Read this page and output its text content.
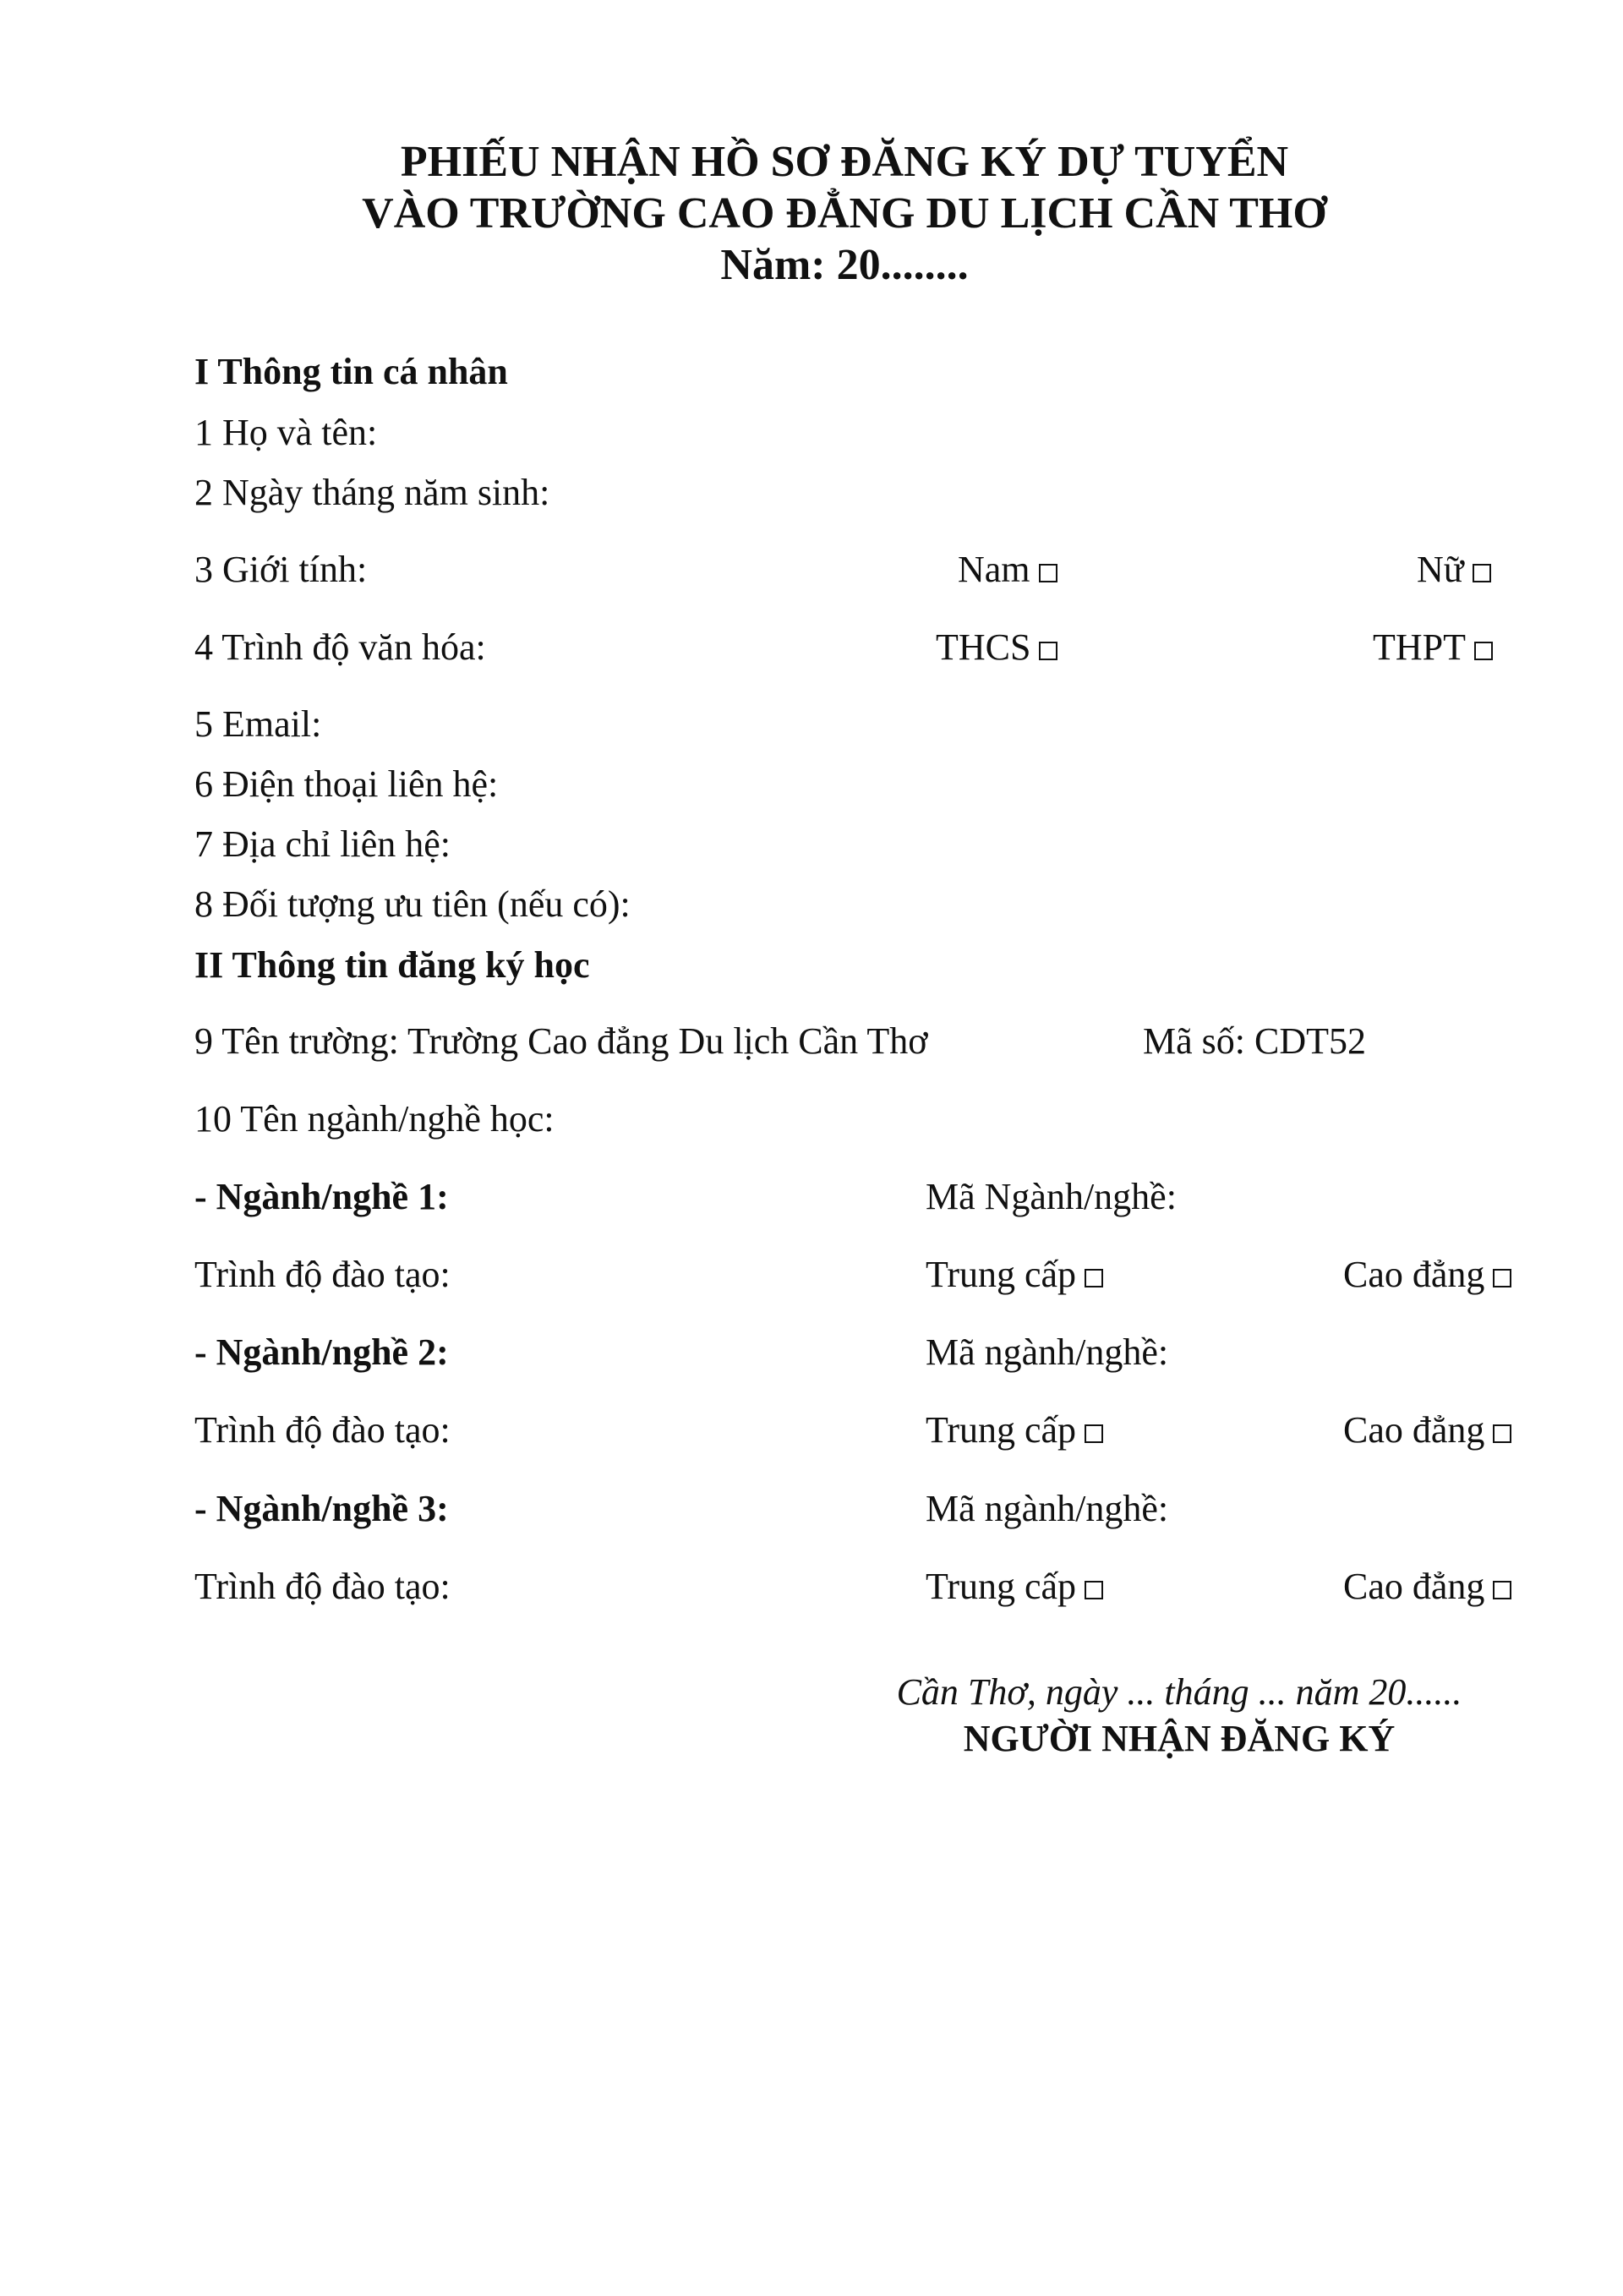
PHIẾU NHẬN HỒ SƠ ĐĂNG KÝ DỰ TUYỂN
VÀO TRƯỜNG CAO ĐẲNG DU LỊCH CẦN THƠ
Năm: 20........
I Thông tin cá nhân
1 Họ và tên:
2 Ngày tháng năm sinh:
3 Giới tính:	Nam	Nữ
4 Trình độ văn hóa:	THCS	THPT
5 Email:
6 Điện thoại liên hệ:
7 Địa chỉ liên hệ:
8 Đối tượng ưu tiên (nếu có):
II Thông tin đăng ký học
9 Tên trường: Trường Cao đẳng Du lịch Cần Thơ	Mã số: CDT52
10 Tên ngành/nghề học:
- Ngành/nghề 1:	Mã Ngành/nghề:
Trình độ đào tạo:	Trung cấp	Cao đẳng
- Ngành/nghề 2:	Mã ngành/nghề:
Trình độ đào tạo:	Trung cấp	Cao đẳng
- Ngành/nghề 3:	Mã ngành/nghề:
Trình độ đào tạo:	Trung cấp	Cao đẳng
Cần Thơ, ngày ... tháng ... năm 20......
NGƯỜI NHẬN ĐĂNG KÝ
